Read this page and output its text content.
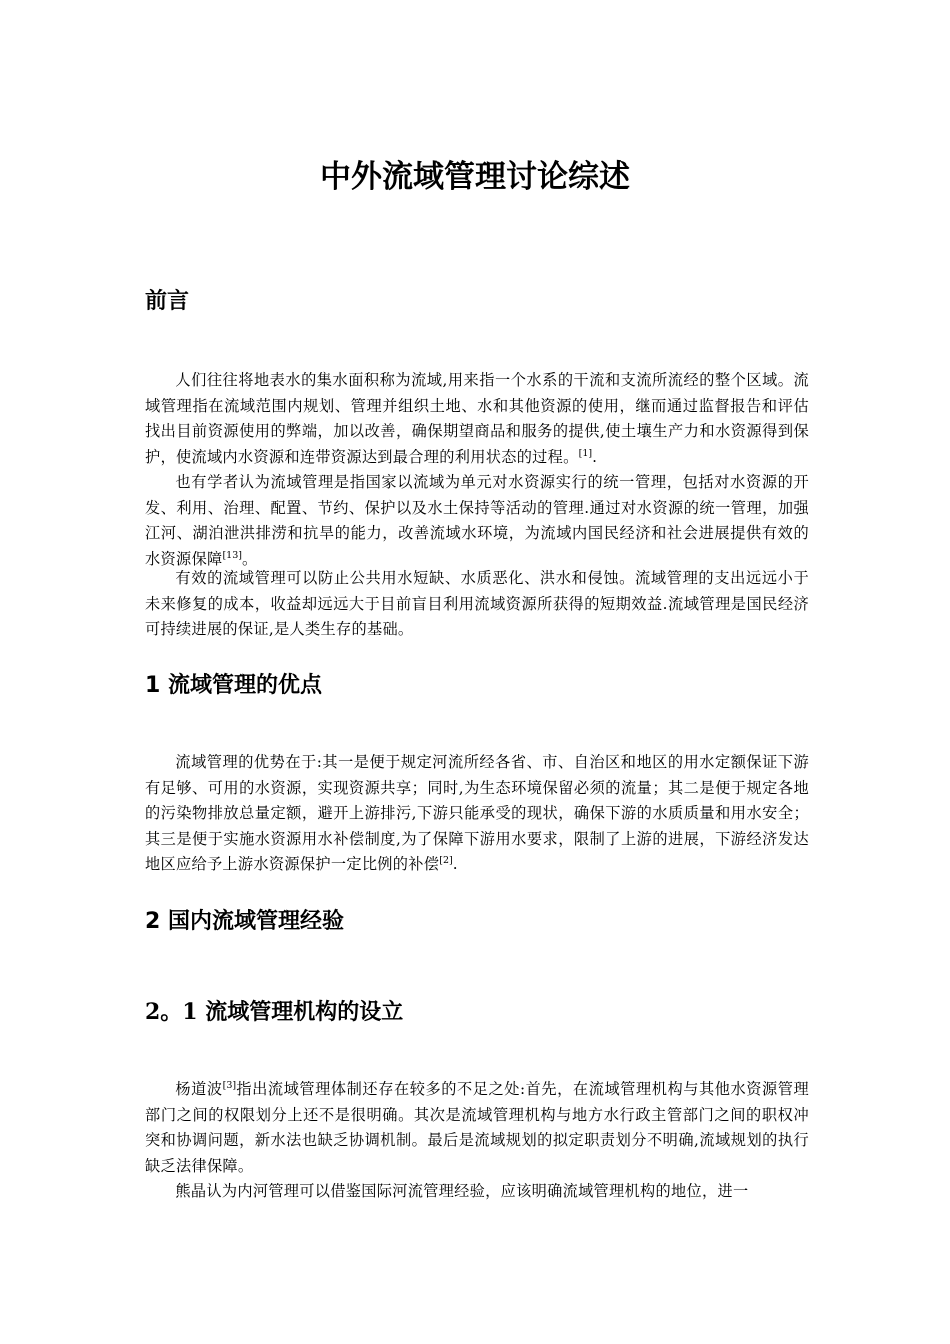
中外流域管理讨论综述
前言

人们往往将地表水的集水面积称为流域,用来指一个水系的干流和支流所流经的整个区域。流域管理指在流域范围内规划、管理并组织土地、水和其他资源的使用，继而通过监督报告和评估找出目前资源使用的弊端，加以改善，确保期望商品和服务的提供,使土壤生产力和水资源得到保护，使流域内水资源和连带资源达到最合理的利用状态的过程。[1].

也有学者认为流域管理是指国家以流域为单元对水资源实行的统一管理，包括对水资源的开发、利用、治理、配置、节约、保护以及水土保持等活动的管理.通过对水资源的统一管理，加强江河、湖泊泄洪排涝和抗旱的能力，改善流域水环境，为流域内国民经济和社会进展提供有效的水资源保障[13]。

有效的流域管理可以防止公共用水短缺、水质恶化、洪水和侵蚀。流域管理的支出远远小于未来修复的成本，收益却远远大于目前盲目利用流域资源所获得的短期效益.流域管理是国民经济可持续进展的保证,是人类生存的基础。

1 流域管理的优点

流域管理的优势在于:其一是便于规定河流所经各省、市、自治区和地区的用水定额保证下游有足够、可用的水资源，实现资源共享；同时,为生态环境保留必须的流量；其二是便于规定各地的污染物排放总量定额，避开上游排污,下游只能承受的现状，确保下游的水质质量和用水安全；其三是便于实施水资源用水补偿制度,为了保障下游用水要求，限制了上游的进展，下游经济发达地区应给予上游水资源保护一定比例的补偿[2].

2 国内流域管理经验
2。1 流域管理机构的设立

杨道波[3]指出流域管理体制还存在较多的不足之处:首先，在流域管理机构与其他水资源管理部门之间的权限划分上还不是很明确。其次是流域管理机构与地方水行政主管部门之间的职权冲突和协调问题，新水法也缺乏协调机制。最后是流域规划的拟定职责划分不明确,流域规划的执行缺乏法律保障。

熊晶认为内河管理可以借鉴国际河流管理经验，应该明确流域管理机构的地位，进一
